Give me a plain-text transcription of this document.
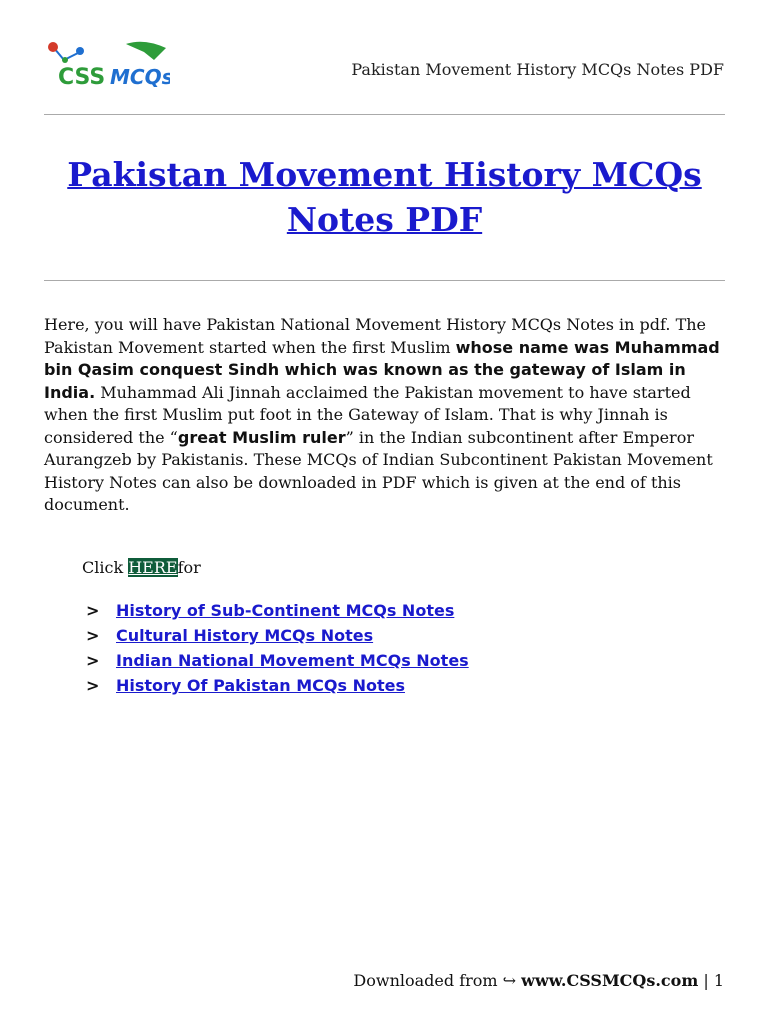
CSS MCQs	Pakistan Movement History MCQs Notes PDF
Pakistan Movement History MCQs
Notes PDF

Here, you will have Pakistan National Movement History MCQs Notes in pdf. The Pakistan Movement started when the first Muslim whose name was Muhammad bin Qasim conquest Sindh which was known as the gateway of Islam in India. Muhammad Ali Jinnah acclaimed the Pakistan movement to have started when the first Muslim put foot in the Gateway of Islam. That is why Jinnah is considered the “great Muslim ruler” in the Indian subcontinent after Emperor Aurangzeb by Pakistanis. These MCQs of Indian Subcontinent Pakistan Movement History Notes can also be downloaded in PDF which is given at the end of this document.

Click HEREfor
> History of Sub-Continent MCQs Notes
> Cultural History MCQs Notes
> Indian National Movement MCQs Notes
> History Of Pakistan MCQs Notes
Downloaded from ↪ www.CSSMCQs.com | 1
